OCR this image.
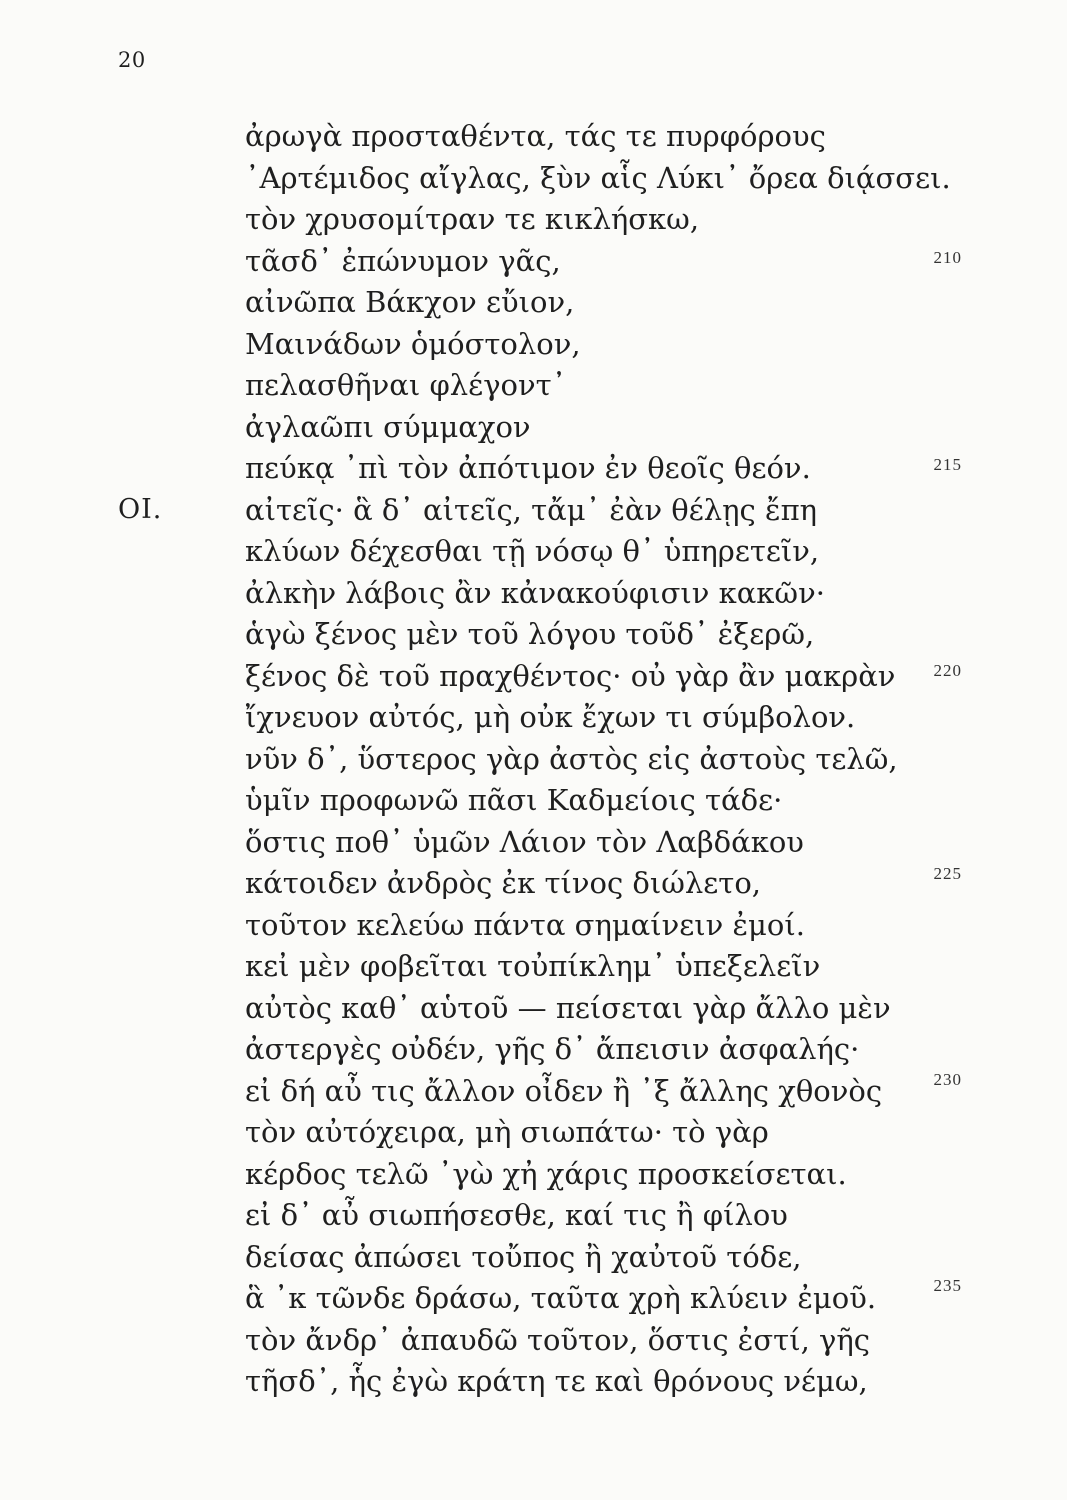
20
ΟΙ.
210
215
220
225
230
235
ἀρωγὰ προσταθέντα, τάς τε πυρφόρους
᾿Αρτέμιδος αἴγλας, ξὺν αἷς Λύκι᾿ ὄρεα διᾴσσει.
τὸν χρυσομίτραν τε κικλήσκω,
τᾶσδ᾿ ἐπώνυμον γᾶς,
αἰνῶπα Βάκχον εὔιον,
Μαινάδων ὁμόστολον,
πελασθῆναι φλέγοντ᾿
ἀγλαῶπι σύμμαχον
πεύκᾳ ᾿πὶ τὸν ἀπότιμον ἐν θεοῖς θεόν.
αἰτεῖς· ἃ δ᾿ αἰτεῖς, τἄμ᾿ ἐὰν θέλῃς ἔπη
κλύων δέχεσθαι τῇ νόσῳ θ᾿ ὑπηρετεῖν,
ἀλκὴν λάβοις ἂν κἀνακούφισιν κακῶν·
ἁγὼ ξένος μὲν τοῦ λόγου τοῦδ᾿ ἐξερῶ,
ξένος δὲ τοῦ πραχθέντος· οὐ γὰρ ἂν μακρὰν
ἴχνευον αὐτός, μὴ οὐκ ἔχων τι σύμβολον.
νῦν δ᾿, ὕστερος γὰρ ἀστὸς εἰς ἀστοὺς τελῶ,
ὑμῖν προφωνῶ πᾶσι Καδμείοις τάδε·
ὅστις ποθ᾿ ὑμῶν Λάιον τὸν Λαβδάκου
κάτοιδεν ἀνδρὸς ἐκ τίνος διώλετο,
τοῦτον κελεύω πάντα σημαίνειν ἐμοί.
κεἰ μὲν φοβεῖται τοὐπίκλημ᾿ ὑπεξελεῖν
αὐτὸς καθ᾿ αὑτοῦ — πείσεται γὰρ ἄλλο μὲν
ἀστεργὲς οὐδέν, γῆς δ᾿ ἄπεισιν ἀσφαλής·
εἰ δή αὖ τις ἄλλον οἶδεν ἢ ᾿ξ ἄλλης χθονὸς
τὸν αὐτόχειρα, μὴ σιωπάτω· τὸ γὰρ
κέρδος τελῶ ᾿γὼ χἠ χάρις προσκείσεται.
εἰ δ᾿ αὖ σιωπήσεσθε, καί τις ἢ φίλου
δείσας ἀπώσει τοὔπος ἢ χαὐτοῦ τόδε,
ἃ ᾿κ τῶνδε δράσω, ταῦτα χρὴ κλύειν ἐμοῦ.
τὸν ἄνδρ᾿ ἀπαυδῶ τοῦτον, ὅστις ἐστί, γῆς
τῆσδ᾿, ἧς ἐγὼ κράτη τε καὶ θρόνους νέμω,
